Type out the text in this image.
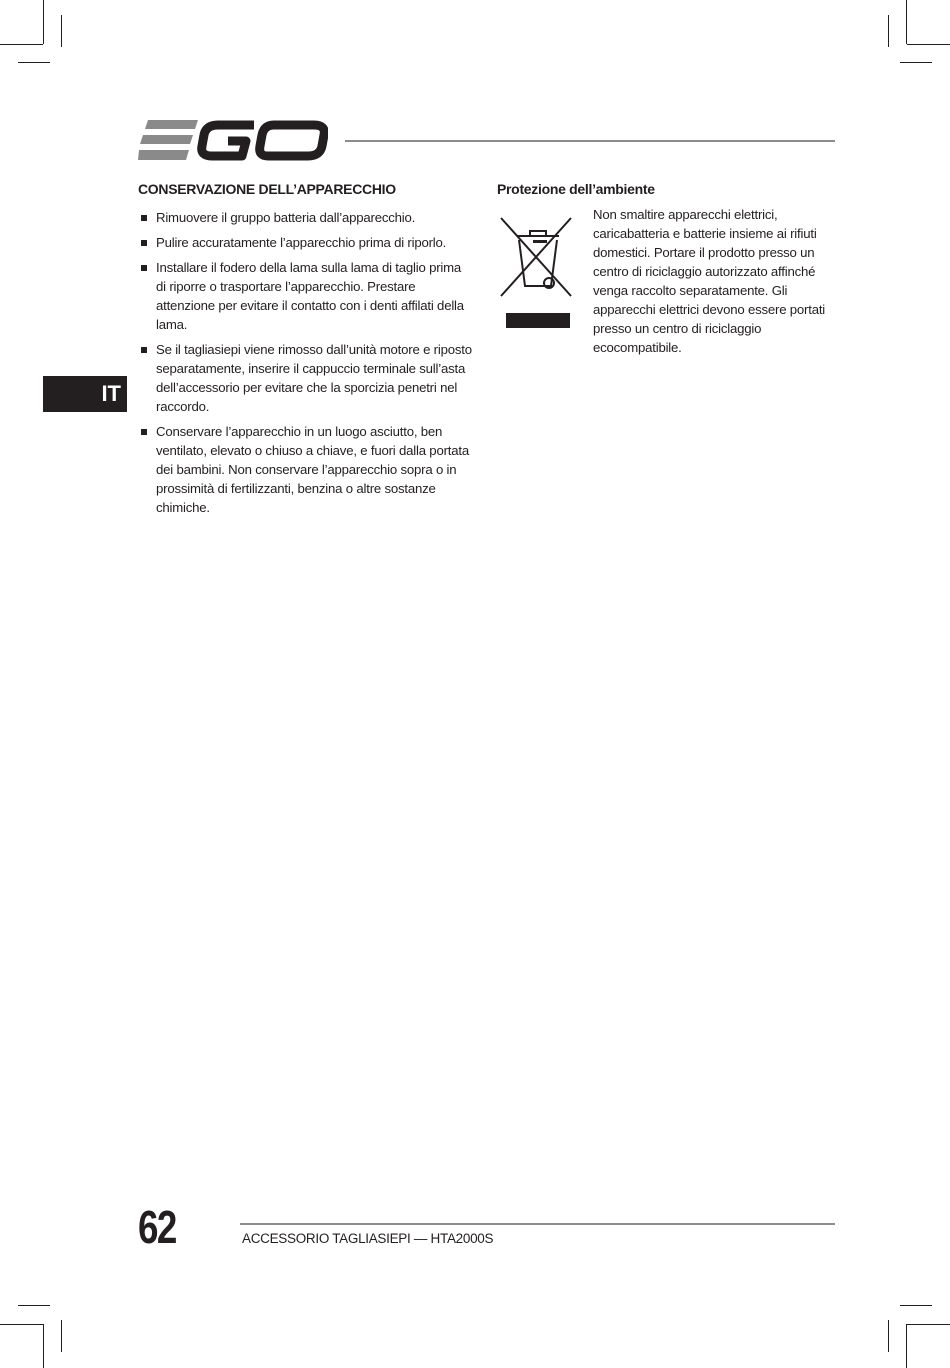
IT
CONSERVAZIONE DELL’APPARECCHIO
Rimuovere il gruppo batteria dall’apparecchio.
Pulire accuratamente l’apparecchio prima di riporlo.
Installare il fodero della lama sulla lama di taglio prima di riporre o trasportare l’apparecchio. Prestare attenzione per evitare il contatto con i denti affilati della lama.
Se il tagliasiepi viene rimosso dall’unità motore e riposto separatamente, inserire il cappuccio terminale sull’asta dell’accessorio per evitare che la sporcizia penetri nel raccordo.
Conservare l’apparecchio in un luogo asciutto, ben ventilato, elevato o chiuso a chiave, e fuori dalla portata dei bambini. Non conservare l’apparecchio sopra o in prossimità di fertilizzanti, benzina o altre sostanze chimiche.
Protezione dell’ambiente

Non smaltire apparecchi elettrici, caricabatteria e batterie insieme ai rifiuti domestici. Portare il prodotto presso un centro di riciclaggio autorizzato affinché venga raccolto separatamente. Gli apparecchi elettrici devono essere portati presso un centro di riciclaggio ecocompatibile.

62	ACCESSORIO TAGLIASIEPI — HTA2000S
